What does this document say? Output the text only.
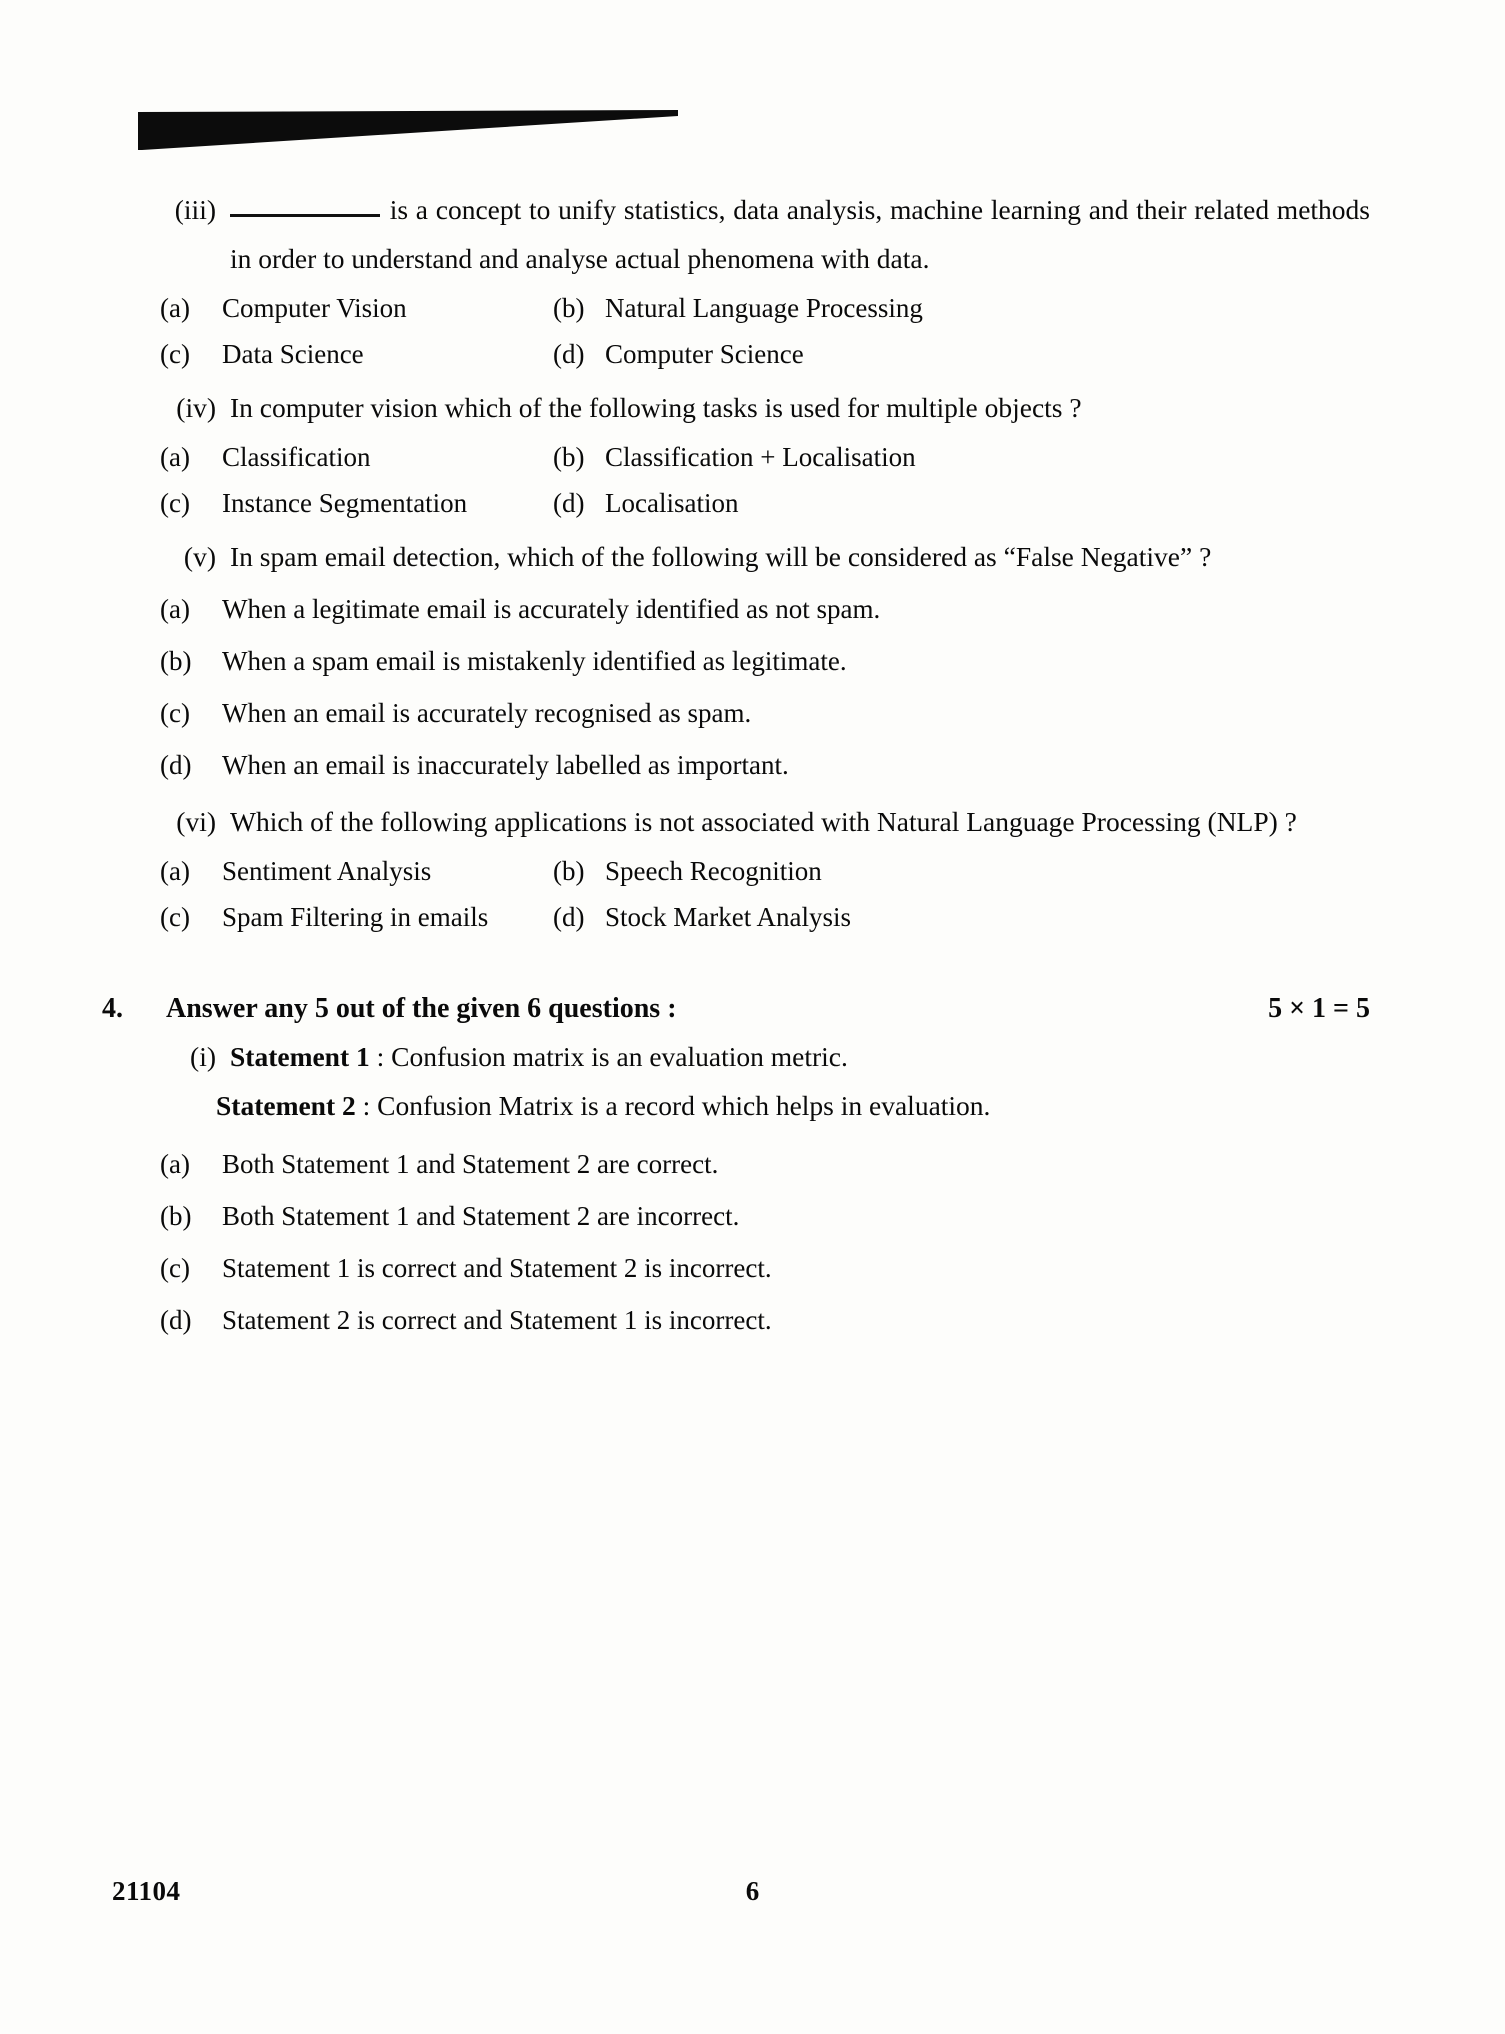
(iii)	is a concept to unify statistics, data analysis, machine learning and their related methods in order to understand and analyse actual phenomena with data.
(a)	Computer Vision	(b) Natural Language Processing
(c)	Data Science	(d) Computer Science
(iv) In computer vision which of the following tasks is used for multiple objects ?
(a)	Classification	(b) Classification + Localisation
(c)	Instance Segmentation	(d) Localisation
(v) In spam email detection, which of the following will be considered as “False Negative” ?
(a)	When a legitimate email is accurately identified as not spam.
(b)	When a spam email is mistakenly identified as legitimate.
(c)	When an email is accurately recognised as spam.
(d)	When an email is inaccurately labelled as important.
(vi) Which of the following applications is not associated with Natural Language Processing (NLP) ?
(a)	Sentiment Analysis	(b) Speech Recognition
(c)	Spam Filtering in emails	(d) Stock Market Analysis
4.	Answer any 5 out of the given 6 questions :	5 × 1 = 5
(i) Statement 1 : Confusion matrix is an evaluation metric.
Statement 2 : Confusion Matrix is a record which helps in evaluation.
(a)	Both Statement 1 and Statement 2 are correct.
(b)	Both Statement 1 and Statement 2 are incorrect.
(c)	Statement 1 is correct and Statement 2 is incorrect.
(d)	Statement 2 is correct and Statement 1 is incorrect.
21104	6
